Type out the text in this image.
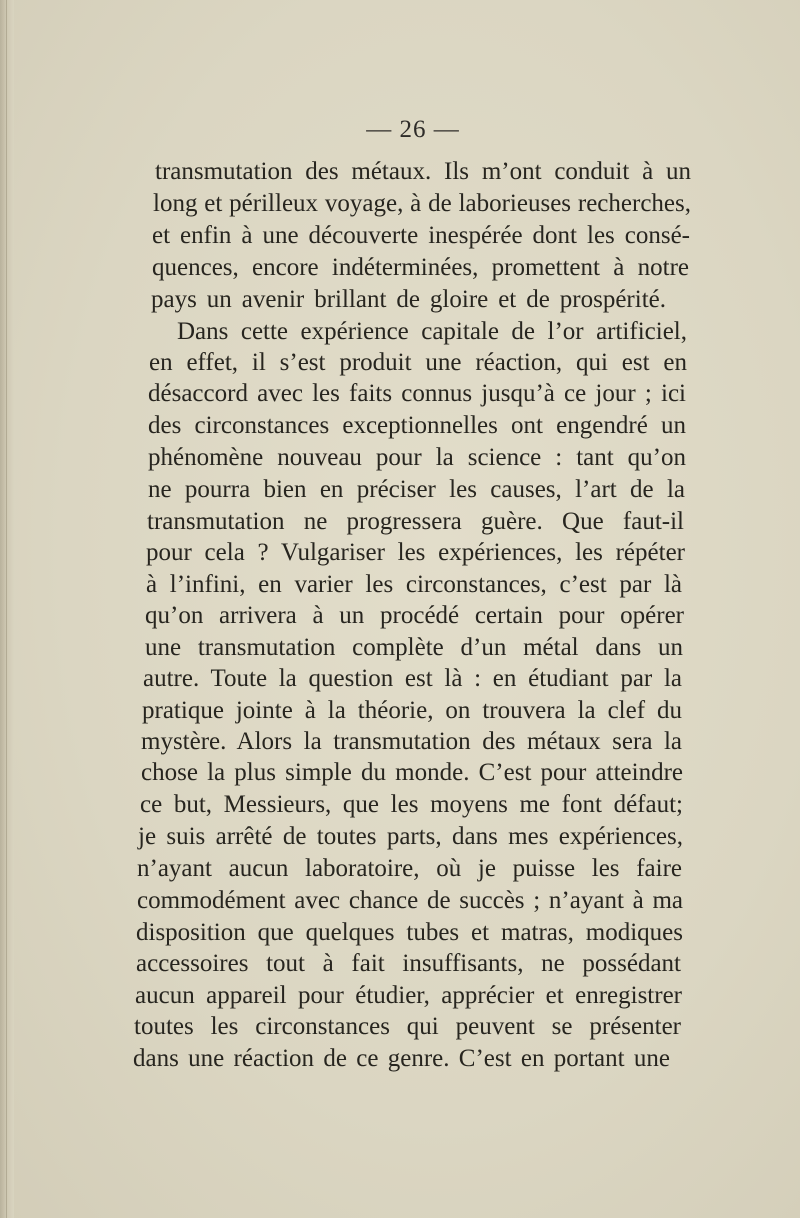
— 26 —
transmutation des métaux. Ils m’ont conduit à un
long et périlleux voyage, à de laborieuses recherches,
et enfin à une découverte inespérée dont les consé-
quences, encore indéterminées, promettent à notre
pays un avenir brillant de gloire et de prospérité.
Dans cette expérience capitale de l’or artificiel,
en effet, il s’est produit une réaction, qui est en
désaccord avec les faits connus jusqu’à ce jour ; ici
des circonstances exceptionnelles ont engendré un
phénomène nouveau pour la science : tant qu’on
ne pourra bien en préciser les causes, l’art de la
transmutation ne progressera guère. Que faut-il
pour cela ? Vulgariser les expériences, les répéter
à l’infini, en varier les circonstances, c’est par là
qu’on arrivera à un procédé certain pour opérer
une transmutation complète d’un métal dans un
autre. Toute la question est là : en étudiant par la
pratique jointe à la théorie, on trouvera la clef du
mystère. Alors la transmutation des métaux sera la
chose la plus simple du monde. C’est pour atteindre
ce but, Messieurs, que les moyens me font défaut;
je suis arrêté de toutes parts, dans mes expériences,
n’ayant aucun laboratoire, où je puisse les faire
commodément avec chance de succès ; n’ayant à ma
disposition que quelques tubes et matras, modiques
accessoires tout à fait insuffisants, ne possédant
aucun appareil pour étudier, apprécier et enregistrer
toutes les circonstances qui peuvent se présenter
dans une réaction de ce genre. C’est en portant une
